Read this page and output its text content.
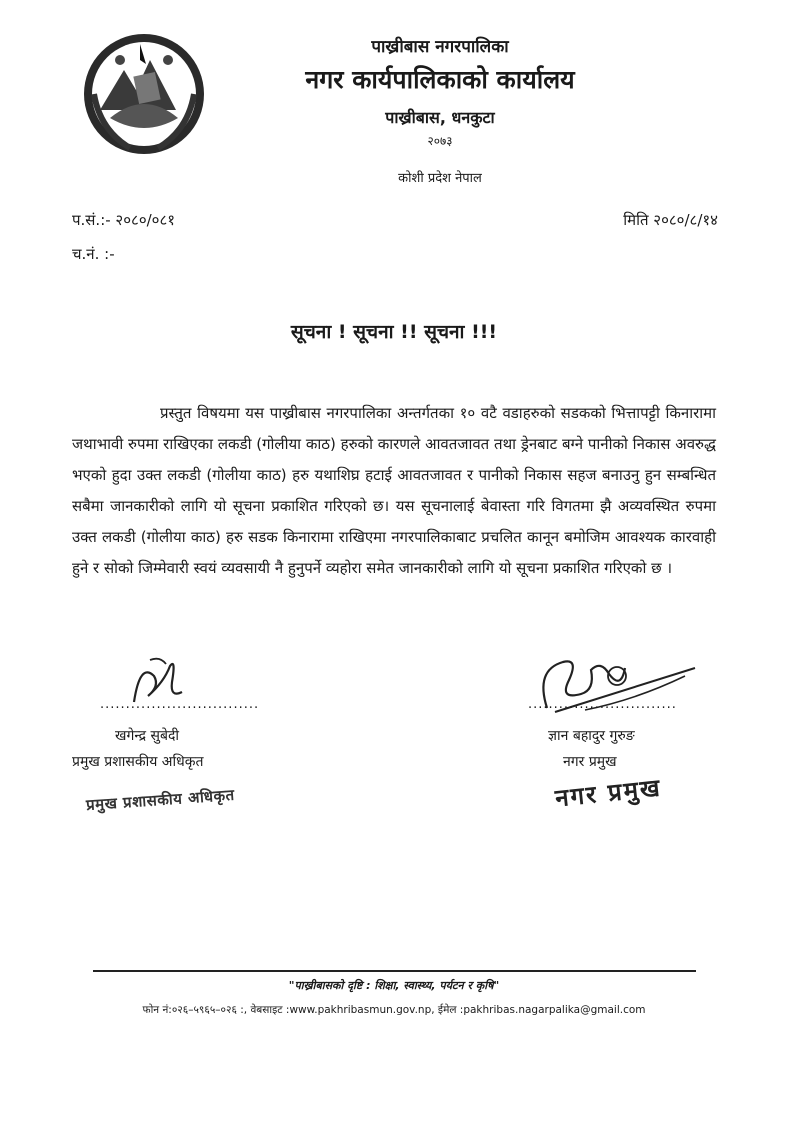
पाख्रीबास नगरपालिका
नगर कार्यपालिकाको कार्यालय
पाख्रीबास, धनकुटा
२०७३
कोशी प्रदेश नेपाल
प.सं.:- २०८०/०८१
च.नं. :-
मिति २०८०/८/१४
सूचना ! सूचना !! सूचना !!!
प्रस्तुत विषयमा यस पाख्रीबास नगरपालिका अन्तर्गतका १० वटै वडाहरुको सडकको भित्तापट्टी किनारामा जथाभावी रुपमा राखिएका लकडी (गोलीया काठ) हरुको कारणले आवतजावत तथा ड्रेनबाट बग्ने पानीको निकास अवरुद्ध भएको हुदा उक्त लकडी (गोलीया काठ) हरु यथाशिघ्र हटाई आवतजावत र पानीको निकास सहज बनाउनु हुन सम्बन्धित सबैमा जानकारीको लागि यो सूचना प्रकाशित गरिएको छ। यस सूचनालाई बेवास्ता गरि विगतमा झै अव्यवस्थित रुपमा उक्त लकडी (गोलीया काठ) हरु सडक किनारामा राखिएमा नगरपालिकाबाट प्रचलित कानून बमोजिम आवश्यक कारवाही हुने र सोको जिम्मेवारी स्वयं व्यवसायी नै हुनुपर्ने व्यहोरा समेत जानकारीको लागि यो सूचना प्रकाशित गरिएको छ ।
...............................
खगेन्द्र सुबेदी
प्रमुख प्रशासकीय अधिकृत
प्रमुख प्रशासकीय अधिकृत
.............................
ज्ञान बहादुर गुरुङ
नगर प्रमुख
नगर प्रमुख
"पाख्रीबासको दृष्टि : शिक्षा, स्वास्थ्य, पर्यटन र कृषि"
फोन नं:०२६–५९६५–०२६ :, वेबसाइट :www.pakhribasmun.gov.np, ईमेल :pakhribas.nagarpalika@gmail.com
